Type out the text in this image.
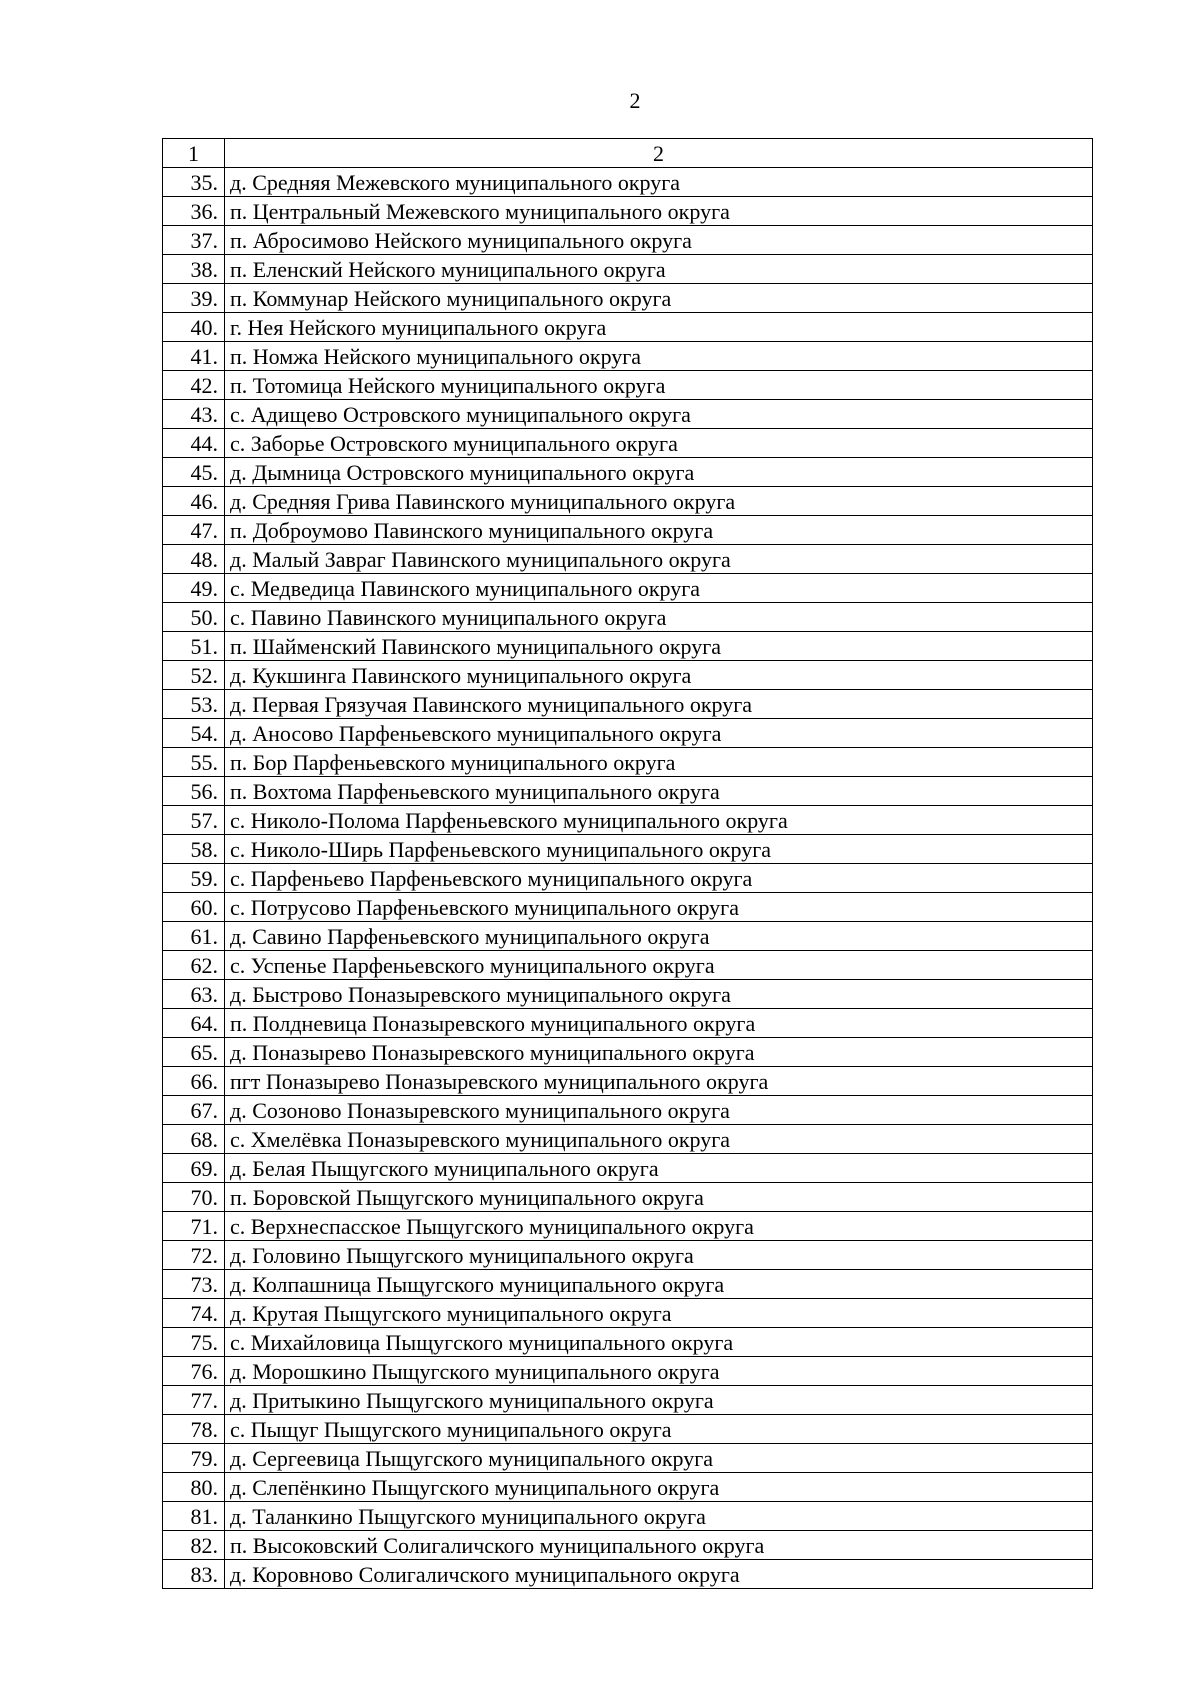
2
1	2
35.	д. Средняя Межевского муниципального округа
36.	п. Центральный Межевского муниципального округа
37.	п. Абросимово Нейского муниципального округа
38.	п. Еленский Нейского муниципального округа
39.	п. Коммунар Нейского муниципального округа
40.	г. Нея Нейского муниципального округа
41.	п. Номжа Нейского муниципального округа
42.	п. Тотомица Нейского муниципального округа
43.	с. Адищево Островского муниципального округа
44.	с. Заборье Островского муниципального округа
45.	д. Дымница Островского муниципального округа
46.	д. Средняя Грива Павинского муниципального округа
47.	п. Доброумово Павинского муниципального округа
48.	д. Малый Завраг Павинского муниципального округа
49.	с. Медведица Павинского муниципального округа
50.	с. Павино Павинского муниципального округа
51.	п. Шайменский Павинского муниципального округа
52.	д. Кукшинга Павинского муниципального округа
53.	д. Первая Грязучая Павинского муниципального округа
54.	д. Аносово Парфеньевского муниципального округа
55.	п. Бор Парфеньевского муниципального округа
56.	п. Вохтома Парфеньевского муниципального округа
57.	с. Николо-Полома Парфеньевского муниципального округа
58.	с. Николо-Ширь Парфеньевского муниципального округа
59.	с. Парфеньево Парфеньевского муниципального округа
60.	с. Потрусово Парфеньевского муниципального округа
61.	д. Савино Парфеньевского муниципального округа
62.	с. Успенье Парфеньевского муниципального округа
63.	д. Быстрово Поназыревского муниципального округа
64.	п. Полдневица Поназыревского муниципального округа
65.	д. Поназырево Поназыревского муниципального округа
66.	пгт Поназырево Поназыревского муниципального округа
67.	д. Созоново Поназыревского муниципального округа
68.	с. Хмелёвка Поназыревского муниципального округа
69.	д. Белая Пыщугского муниципального округа
70.	п. Боровской Пыщугского муниципального округа
71.	с. Верхнеспасское Пыщугского муниципального округа
72.	д. Головино Пыщугского муниципального округа
73.	д. Колпашница Пыщугского муниципального округа
74.	д. Крутая Пыщугского муниципального округа
75.	с. Михайловица Пыщугского муниципального округа
76.	д. Морошкино Пыщугского муниципального округа
77.	д. Притыкино Пыщугского муниципального округа
78.	с. Пыщуг Пыщугского муниципального округа
79.	д. Сергеевица Пыщугского муниципального округа
80.	д. Слепёнкино Пыщугского муниципального округа
81.	д. Таланкино Пыщугского муниципального округа
82.	п. Высоковский Солигаличского муниципального округа
83.	д. Коровново Солигаличского муниципального округа
